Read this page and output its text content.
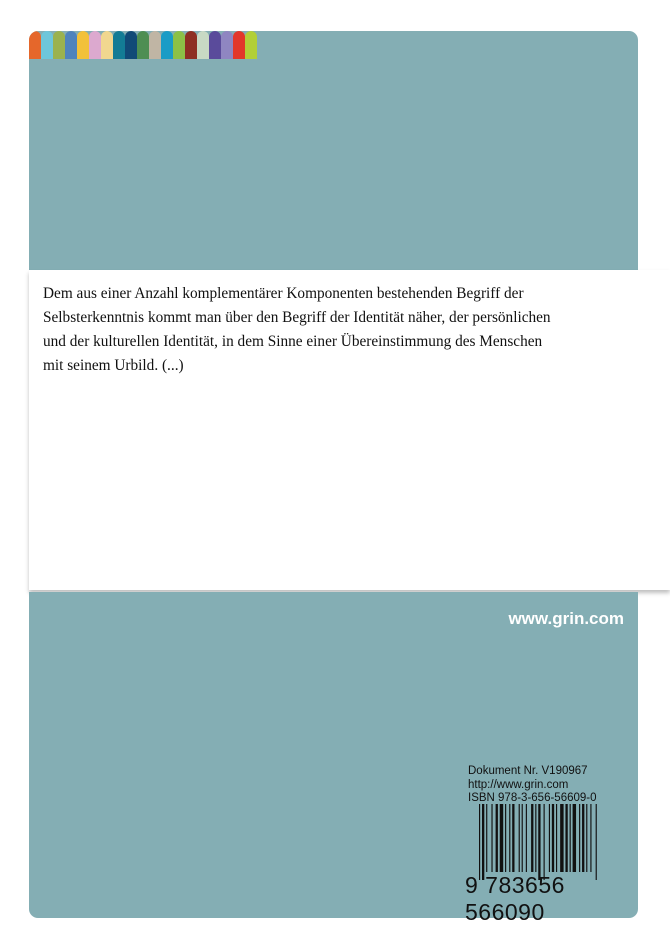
Dem aus einer Anzahl komplementärer Komponenten bestehenden Begriff der Selbsterkenntnis kommt man über den Begriff der Identität näher, der persönlichen und der kulturellen Identität, in dem Sinne einer Übereinstimmung des Menschen mit seinem Urbild. (...)

www.grin.com
Dokument Nr. V190967
http://www.grin.com
ISBN 978-3-656-56609-0
9 783656 566090
